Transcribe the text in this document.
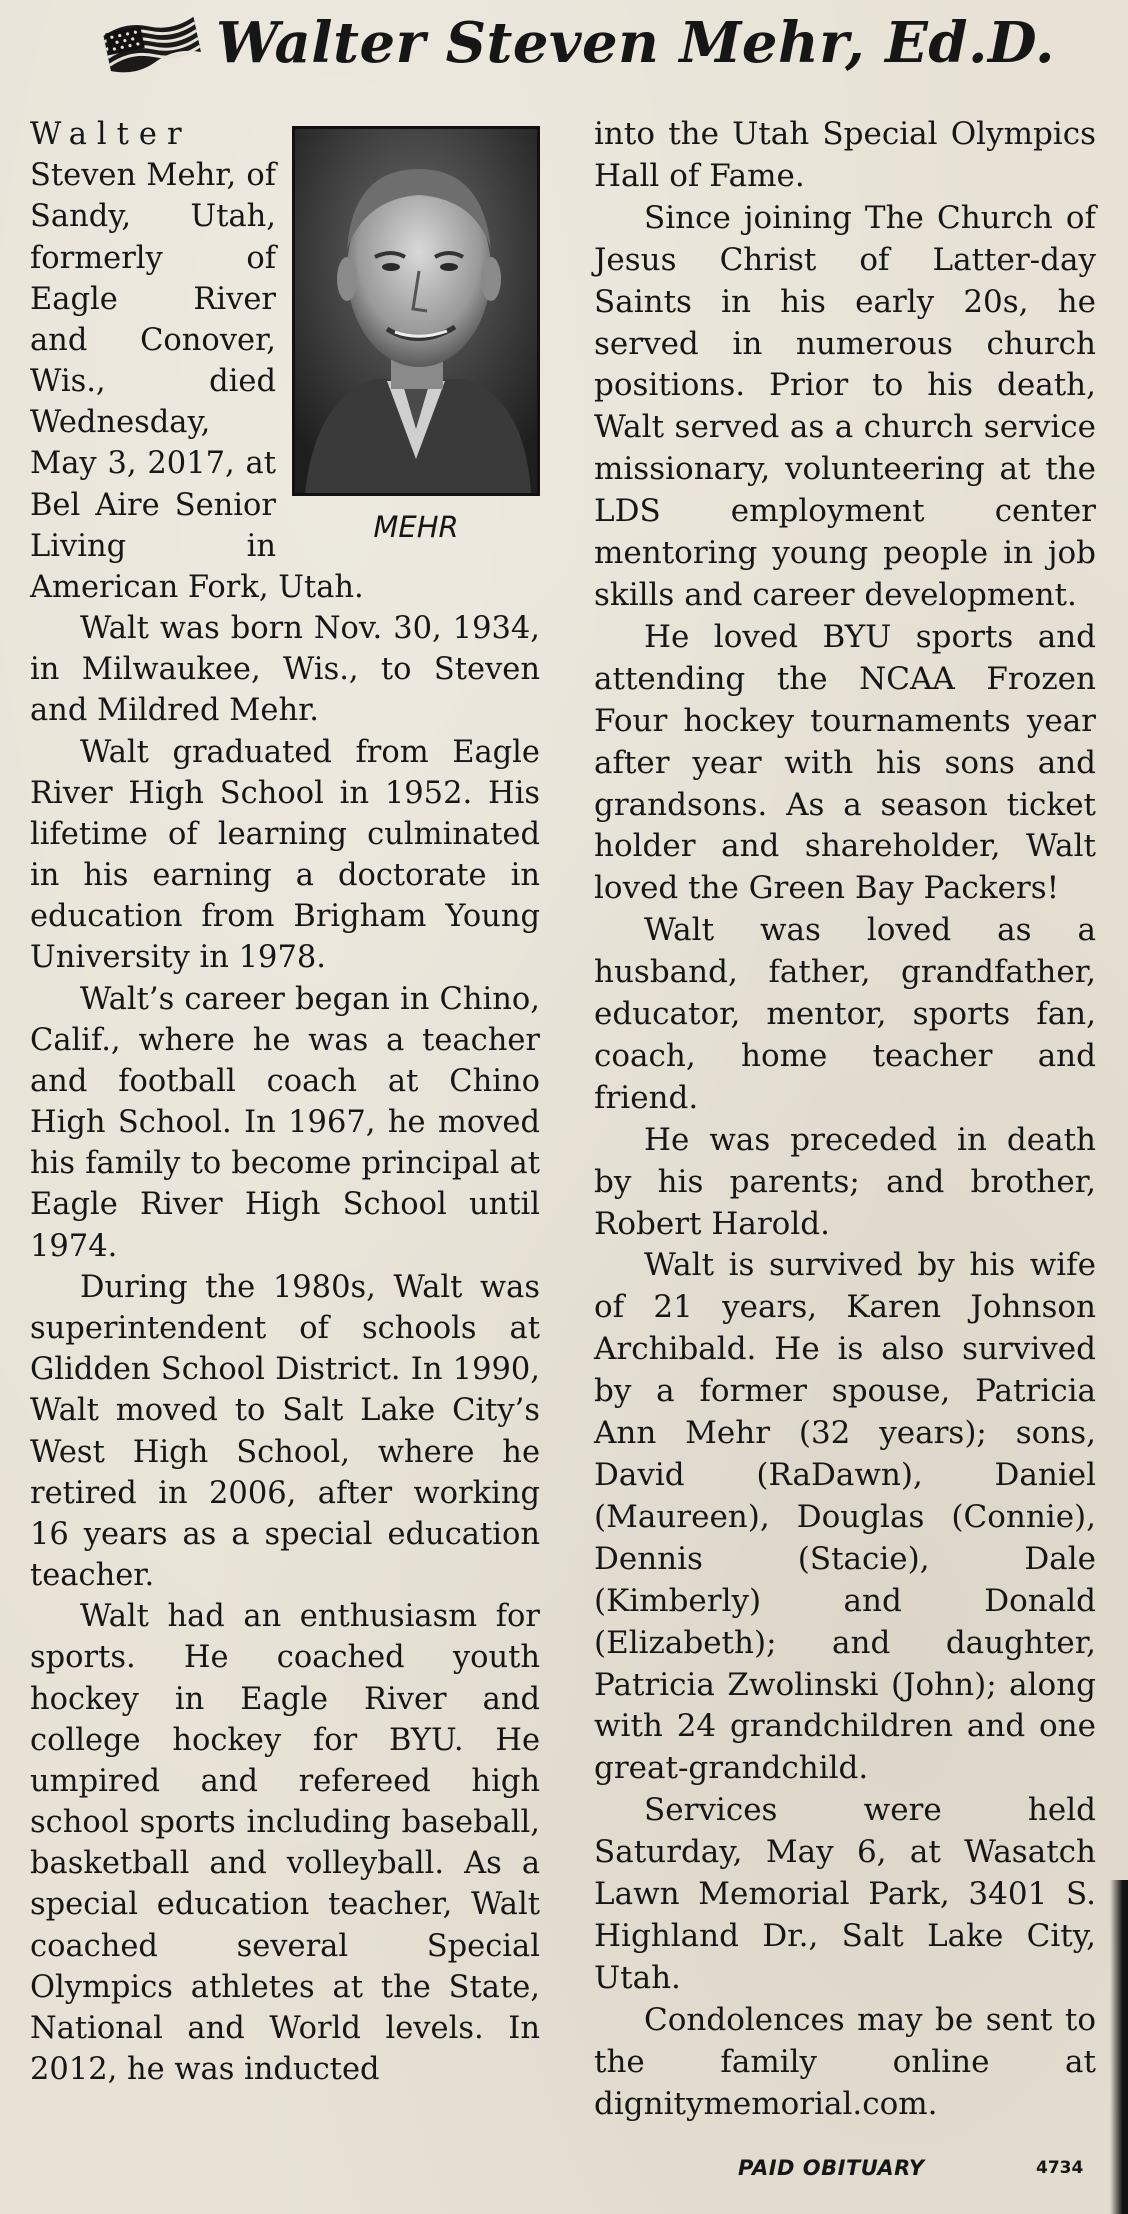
Walter Steven Mehr, Ed.D.
MEHR

Walter Steven Mehr, of Sandy, Utah, formerly of Eagle River and Conover, Wis., died Wednesday, May 3, 2017, at Bel Aire Senior Living in American Fork, Utah.

Walt was born Nov. 30, 1934, in Milwaukee, Wis., to Steven and Mildred Mehr.

Walt graduated from Eagle River High School in 1952. His lifetime of learning culminated in his earning a doctorate in education from Brigham Young University in 1978.

Walt’s career began in Chino, Calif., where he was a teacher and football coach at Chino High School. In 1967, he moved his family to become principal at Eagle River High School until 1974.

During the 1980s, Walt was superintendent of schools at Glidden School District. In 1990, Walt moved to Salt Lake City’s West High School, where he retired in 2006, after working 16 years as a special education teacher.

Walt had an enthusiasm for sports. He coached youth hockey in Eagle River and college hockey for BYU. He umpired and refereed high school sports including baseball, basketball and volleyball. As a special education teacher, Walt coached several Special Olympics athletes at the State, National and World levels. In 2012, he was inducted

into the Utah Special Olympics Hall of Fame.

Since joining The Church of Jesus Christ of Latter-day Saints in his early 20s, he served in numerous church positions. Prior to his death, Walt served as a church service missionary, volunteering at the LDS employment center mentoring young people in job skills and career development.

He loved BYU sports and attending the NCAA Frozen Four hockey tournaments year after year with his sons and grandsons. As a season ticket holder and shareholder, Walt loved the Green Bay Packers!

Walt was loved as a husband, father, grandfather, educator, mentor, sports fan, coach, home teacher and friend.

He was preceded in death by his parents; and brother, Robert Harold.

Walt is survived by his wife of 21 years, Karen Johnson Archibald. He is also survived by a former spouse, Patricia Ann Mehr (32 years); sons, David (RaDawn), Daniel (Maureen), Douglas (Connie), Dennis (Stacie), Dale (Kimberly) and Donald (Elizabeth); and daughter, Patricia Zwolinski (John); along with 24 grandchildren and one great-grandchild.

Services were held Saturday, May 6, at Wasatch Lawn Memorial Park, 3401 S. Highland Dr., Salt Lake City, Utah.

Condolences may be sent to the family online at dignitymemorial.com.

PAID OBITUARY	4734
